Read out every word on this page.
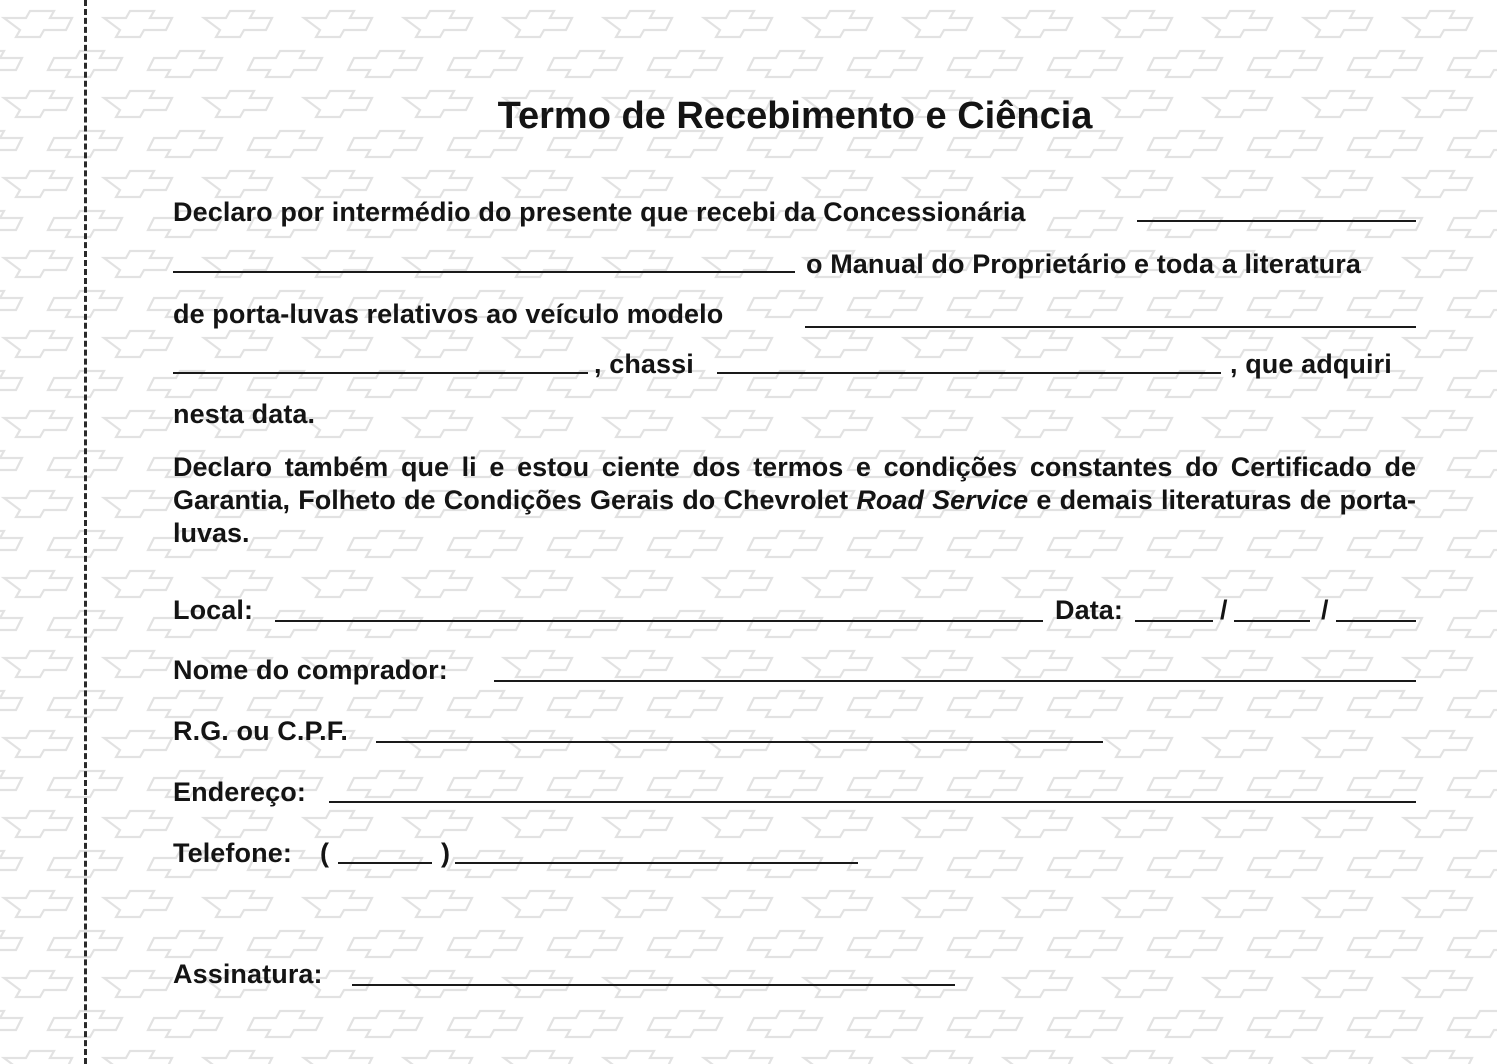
Termo de Recebimento e Ciência
Declaro por intermédio do presente que recebi da Concessionária
o Manual do Proprietário e toda a literatura
de porta-luvas relativos ao veículo modelo
, chassi	, que adquiri
nesta data.
Declaro também que li e estou ciente dos termos e condições constantes do Certificado de Garantia, Folheto de Condições Gerais do Chevrolet Road Service e demais literaturas de porta-luvas.
Local:	Data:	/	/
Nome do comprador:
R.G. ou C.P.F.
Endereço:
Telefone: (	)
Assinatura:
